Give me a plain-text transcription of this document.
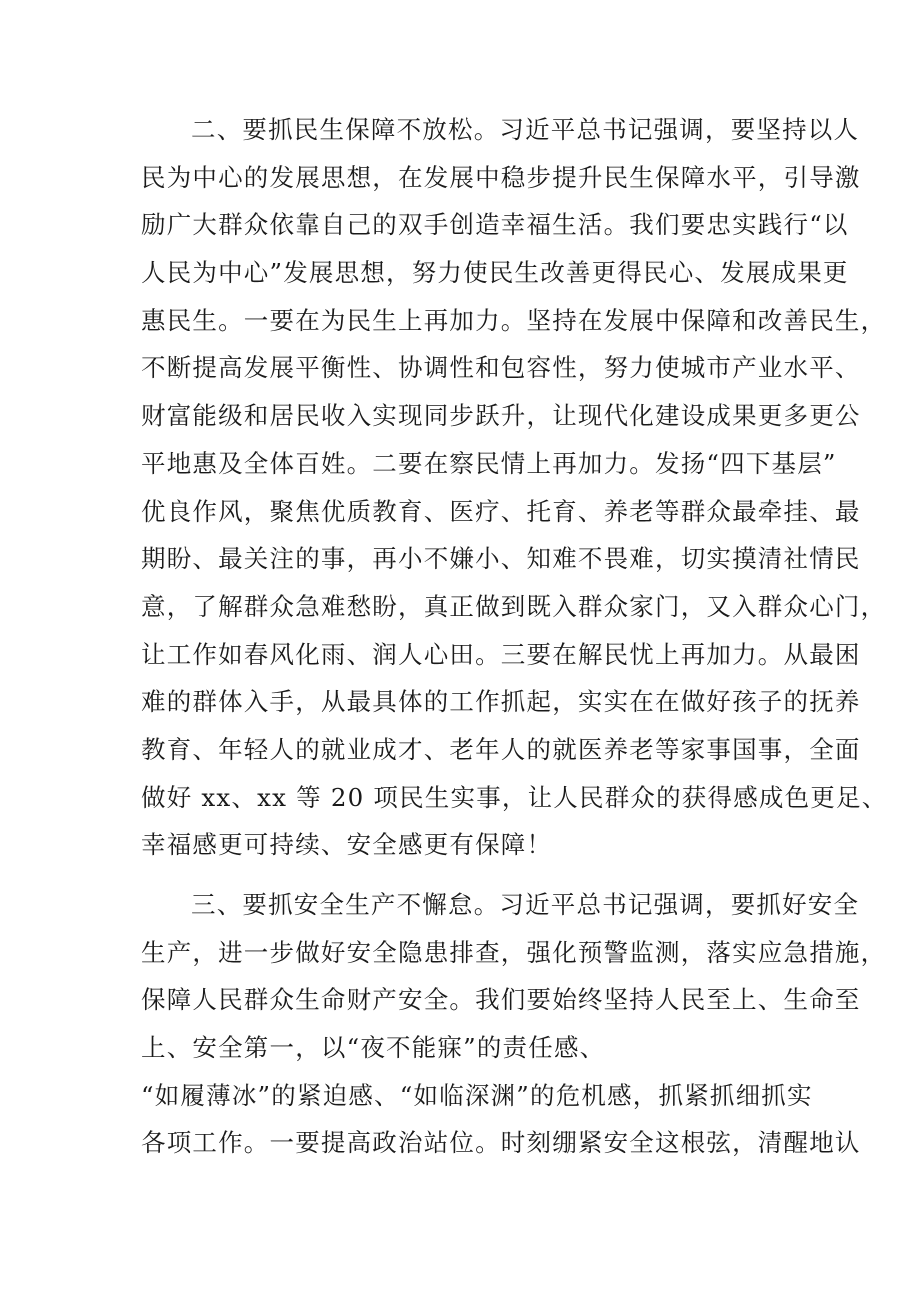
二、要抓民生保障不放松。习近平总书记强调，要坚持以人
民为中心的发展思想，在发展中稳步提升民生保障水平，引导激
励广大群众依靠自己的双手创造幸福生活。我们要忠实践行“以
人民为中心”发展思想，努力使民生改善更得民心、发展成果更
惠民生。一要在为民生上再加力。坚持在发展中保障和改善民生，
不断提高发展平衡性、协调性和包容性，努力使城市产业水平、
财富能级和居民收入实现同步跃升，让现代化建设成果更多更公
平地惠及全体百姓。二要在察民情上再加力。发扬“四下基层”
优良作风，聚焦优质教育、医疗、托育、养老等群众最牵挂、最
期盼、最关注的事，再小不嫌小、知难不畏难，切实摸清社情民
意，了解群众急难愁盼，真正做到既入群众家门，又入群众心门，
让工作如春风化雨、润人心田。三要在解民忧上再加力。从最困
难的群体入手，从最具体的工作抓起，实实在在做好孩子的抚养
教育、年轻人的就业成才、老年人的就医养老等家事国事，全面
做好 xx、xx 等 20 项民生实事，让人民群众的获得感成色更足、
幸福感更可持续、安全感更有保障！
三、要抓安全生产不懈怠。习近平总书记强调，要抓好安全
生产，进一步做好安全隐患排查，强化预警监测，落实应急措施，
保障人民群众生命财产安全。我们要始终坚持人民至上、生命至
上、安全第一，以“夜不能寐”的责任感、
“如履薄冰”的紧迫感、“如临深渊”的危机感，抓紧抓细抓实
各项工作。一要提高政治站位。时刻绷紧安全这根弦，清醒地认
